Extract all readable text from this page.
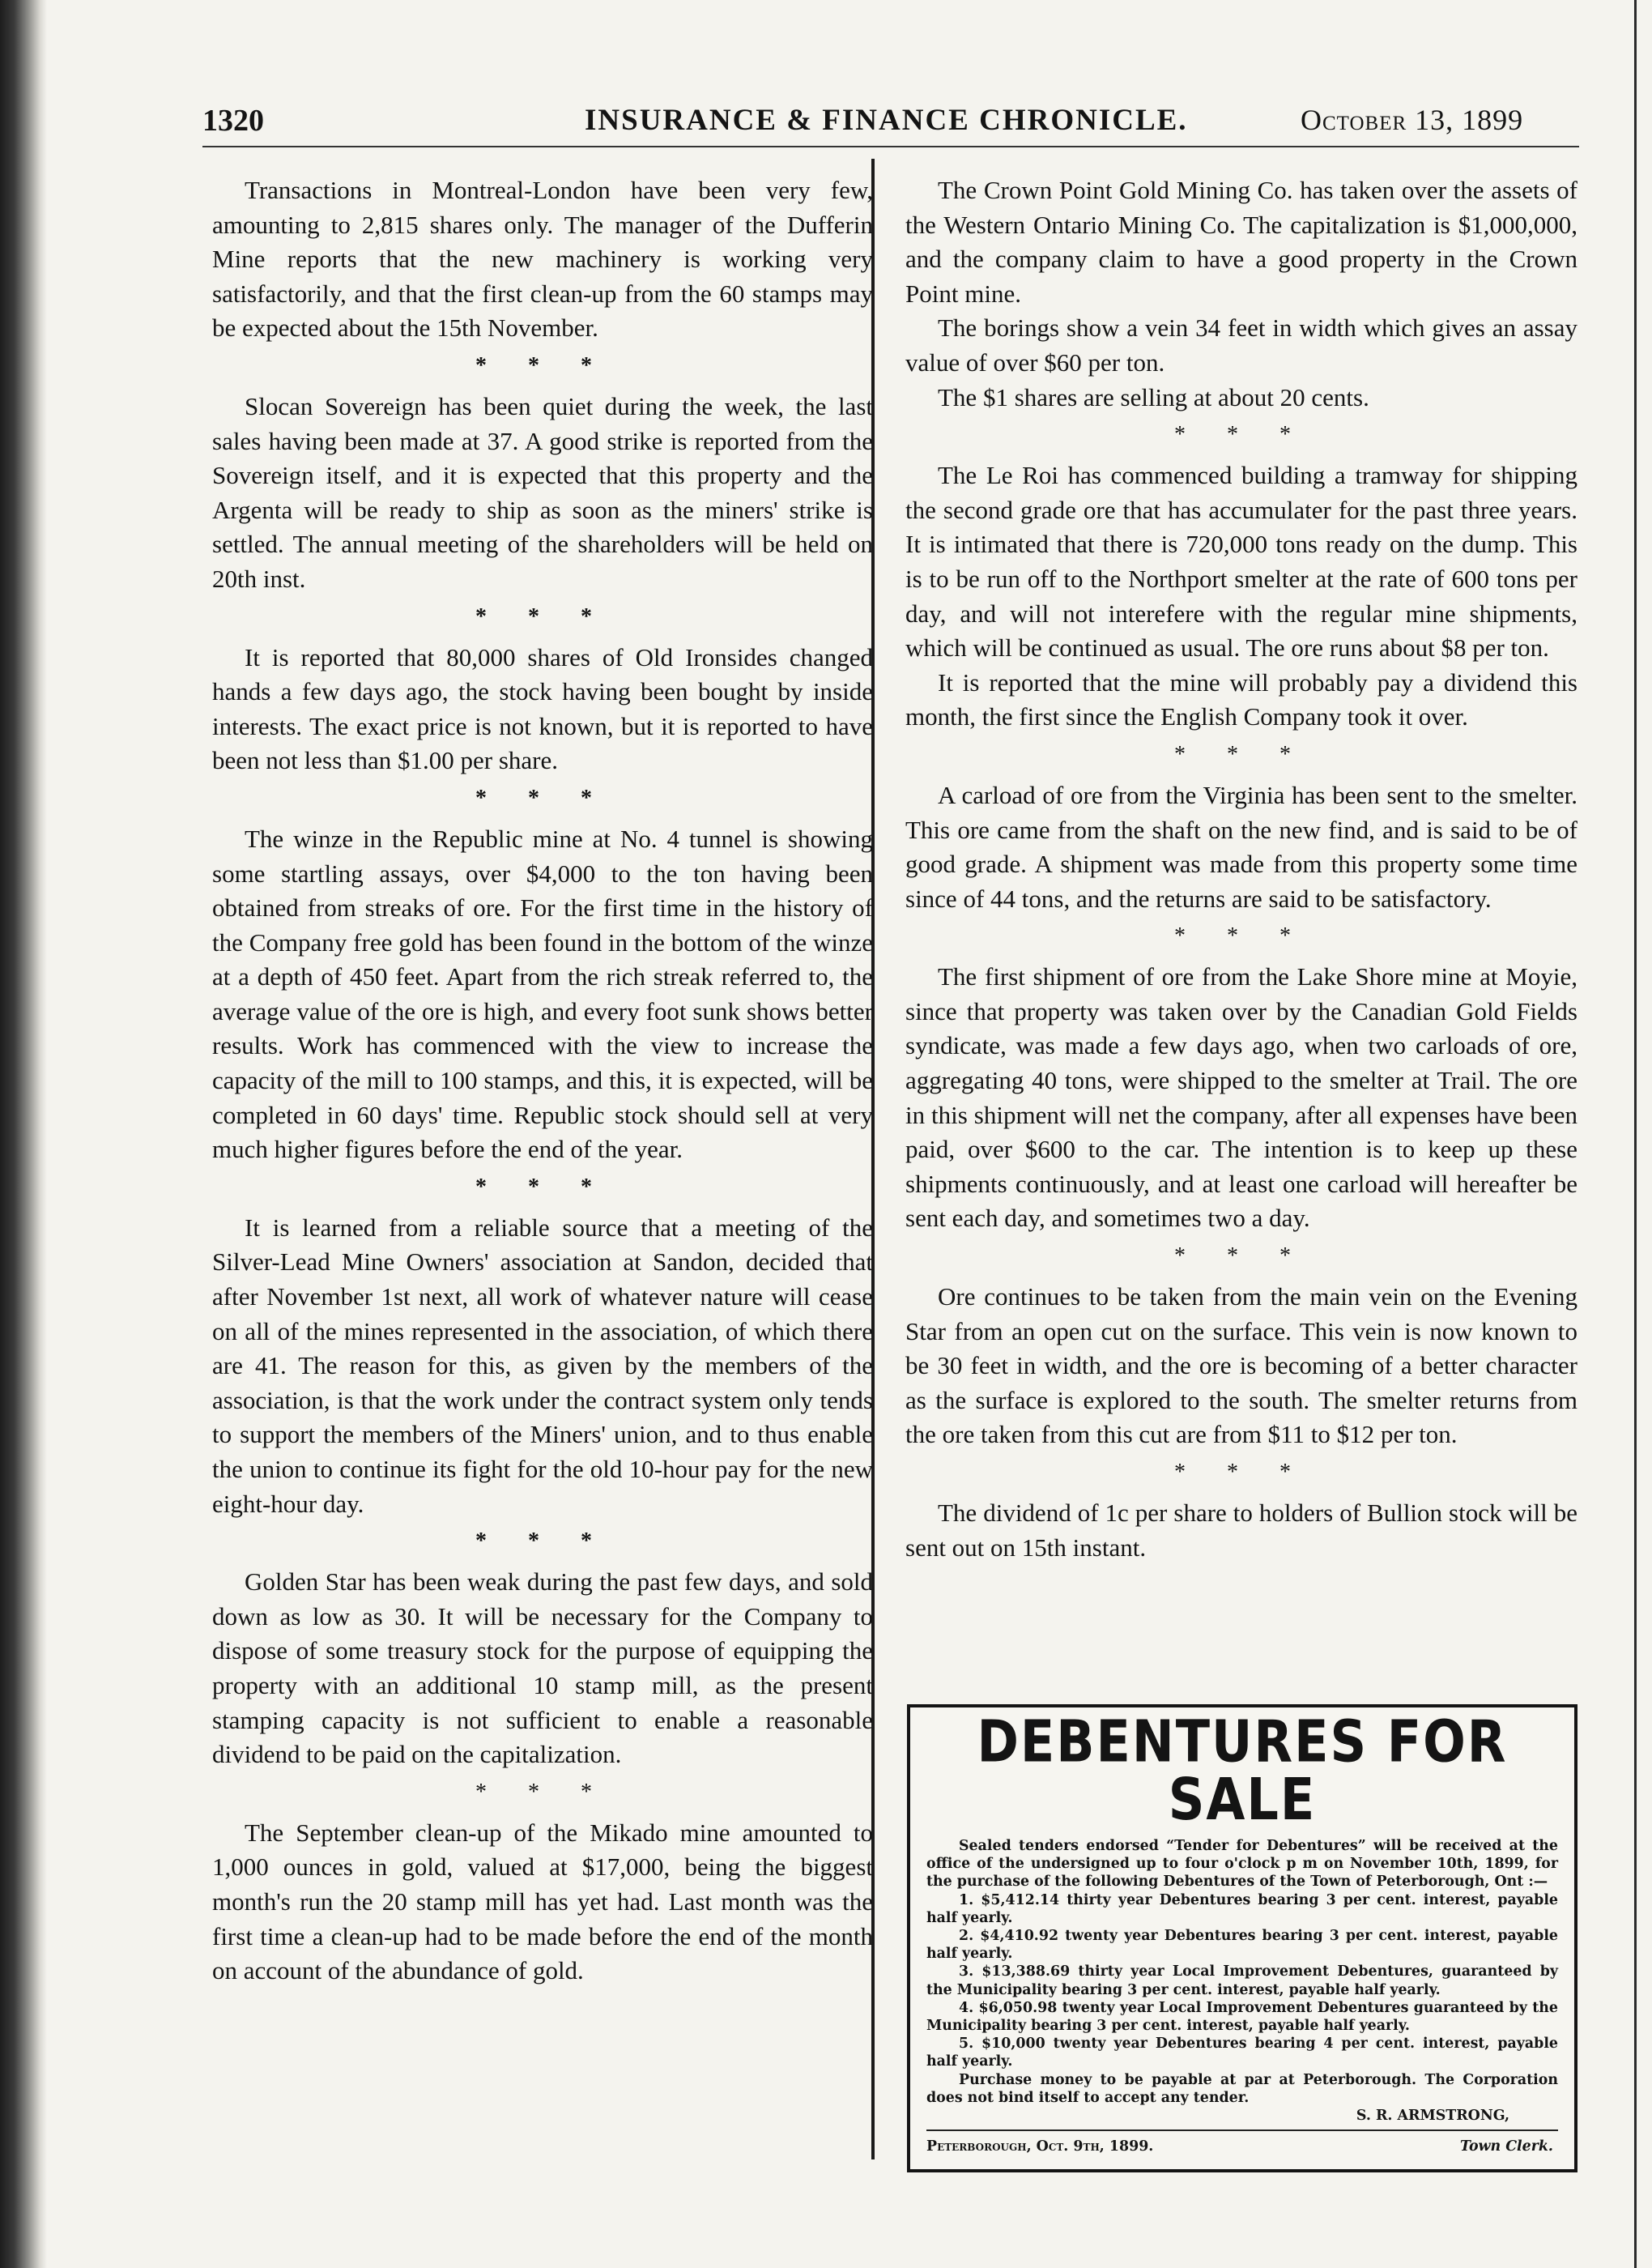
1320	INSURANCE & FINANCE CHRONICLE.	October 13, 1899

Transactions in Montreal-London have been very few, amounting to 2,815 shares only. The manager of the Dufferin Mine reports that the new machinery is working very satisfactorily, and that the first clean-up from the 60 stamps may be expected about the 15th November.

* * *

Slocan Sovereign has been quiet during the week, the last sales having been made at 37. A good strike is reported from the Sovereign itself, and it is expected that this property and the Argenta will be ready to ship as soon as the miners' strike is settled. The annual meeting of the shareholders will be held on 20th inst.

* * *

It is reported that 80,000 shares of Old Ironsides changed hands a few days ago, the stock having been bought by inside interests. The exact price is not known, but it is reported to have been not less than $1.00 per share.

* * *

The winze in the Republic mine at No. 4 tunnel is showing some startling assays, over $4,000 to the ton having been obtained from streaks of ore. For the first time in the history of the Company free gold has been found in the bottom of the winze at a depth of 450 feet. Apart from the rich streak referred to, the average value of the ore is high, and every foot sunk shows better results. Work has commenced with the view to increase the capacity of the mill to 100 stamps, and this, it is expected, will be completed in 60 days' time. Republic stock should sell at very much higher figures before the end of the year.

* * *

It is learned from a reliable source that a meeting of the Silver-Lead Mine Owners' association at Sandon, decided that after November 1st next, all work of whatever nature will cease on all of the mines represented in the association, of which there are 41. The reason for this, as given by the members of the association, is that the work under the contract system only tends to support the members of the Miners' union, and to thus enable the union to continue its fight for the old 10-hour pay for the new eight-hour day.

* * *

Golden Star has been weak during the past few days, and sold down as low as 30. It will be necessary for the Company to dispose of some treasury stock for the purpose of equipping the property with an additional 10 stamp mill, as the present stamping capacity is not sufficient to enable a reasonable dividend to be paid on the capitalization.

* * *

The September clean-up of the Mikado mine amounted to 1,000 ounces in gold, valued at $17,000, being the biggest month's run the 20 stamp mill has yet had. Last month was the first time a clean-up had to be made before the end of the month on account of the abundance of gold.

The Crown Point Gold Mining Co. has taken over the assets of the Western Ontario Mining Co. The capitalization is $1,000,000, and the company claim to have a good property in the Crown Point mine.

The borings show a vein 34 feet in width which gives an assay value of over $60 per ton.

The $1 shares are selling at about 20 cents.

* * *

The Le Roi has commenced building a tramway for shipping the second grade ore that has accumulater for the past three years. It is intimated that there is 720,000 tons ready on the dump. This is to be run off to the Northport smelter at the rate of 600 tons per day, and will not interefere with the regular mine shipments, which will be continued as usual. The ore runs about $8 per ton.

It is reported that the mine will probably pay a dividend this month, the first since the English Company took it over.

* * *

A carload of ore from the Virginia has been sent to the smelter. This ore came from the shaft on the new find, and is said to be of good grade. A shipment was made from this property some time since of 44 tons, and the returns are said to be satisfactory.

* * *

The first shipment of ore from the Lake Shore mine at Moyie, since that property was taken over by the Canadian Gold Fields syndicate, was made a few days ago, when two carloads of ore, aggregating 40 tons, were shipped to the smelter at Trail. The ore in this shipment will net the company, after all expenses have been paid, over $600 to the car. The intention is to keep up these shipments continuously, and at least one carload will hereafter be sent each day, and sometimes two a day.

* * *

Ore continues to be taken from the main vein on the Evening Star from an open cut on the surface. This vein is now known to be 30 feet in width, and the ore is becoming of a better character as the surface is explored to the south. The smelter returns from the ore taken from this cut are from $11 to $12 per ton.

* * *

The dividend of 1c per share to holders of Bullion stock will be sent out on 15th instant.

DEBENTURES FOR SALE

Sealed tenders endorsed “Tender for Debentures” will be received at the office of the undersigned up to four o'clock p m on November 10th, 1899, for the purchase of the following Debentures of the Town of Peterborough, Ont :—

1. $5,412.14 thirty year Debentures bearing 3 per cent. interest, payable half yearly.

2. $4,410.92 twenty year Debentures bearing 3 per cent. interest, payable half yearly.

3. $13,388.69 thirty year Local Improvement Debentures, guaranteed by the Municipality bearing 3 per cent. interest, payable half yearly.

4. $6,050.98 twenty year Local Improvement Debentures guaranteed by the Municipality bearing 3 per cent. interest, payable half yearly.

5. $10,000 twenty year Debentures bearing 4 per cent. interest, payable half yearly.

Purchase money to be payable at par at Peterborough. The Corporation does not bind itself to accept any tender.

S. R. ARMSTRONG,

Peterborough, Oct. 9th, 1899.	Town Clerk.
